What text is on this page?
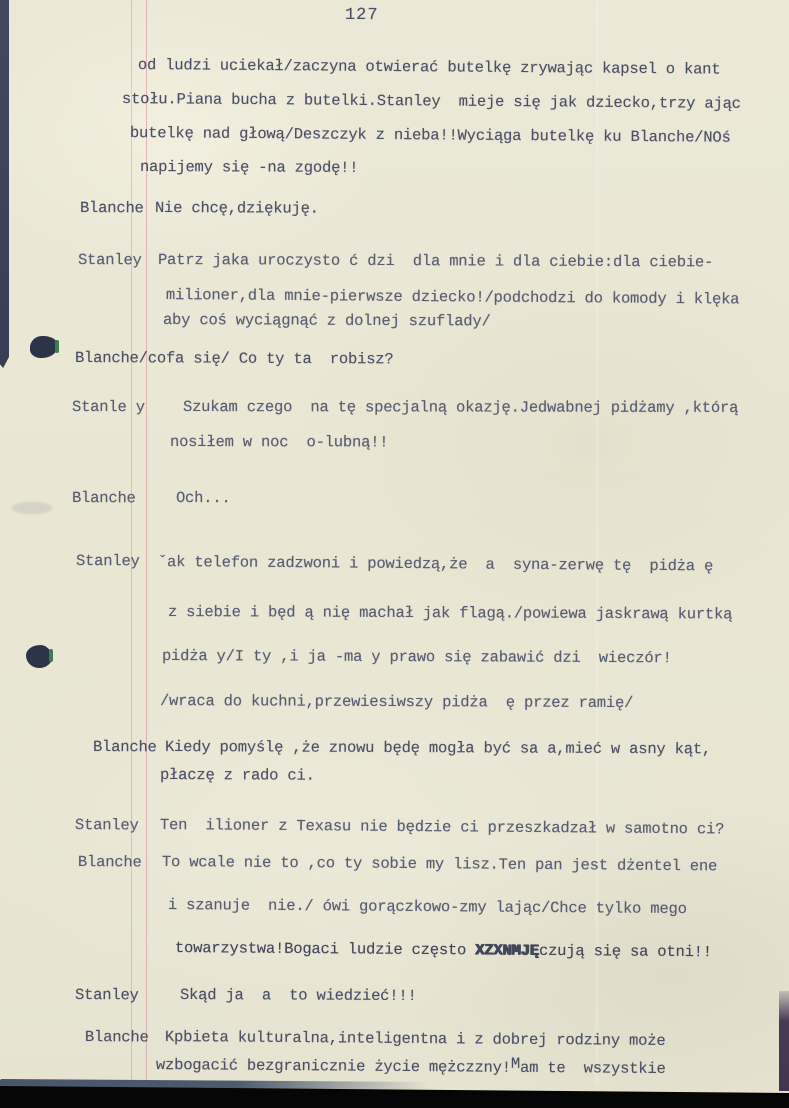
127
od ludzi uciekał/zaczyna otwierać butelkę zrywając kapsel o kant
stołu.Piana bucha z butelki.Stanley  mieje się jak dziecko,trzy ając
butelkę nad głową/Deszczyk z nieba!!Wyciąga butelkę ku Blanche/NOś
napijemy się -na zgodę!!
Blanche Nie chcę,dziękuję.
Stanley Patrz jaka uroczysto ć dzi  dla mnie i dla ciebie:dla ciebie-
milioner,dla mnie-pierwsze dziecko!/podchodzi do komody i klęka
aby coś wyciągnąć z dolnej szuflady/
Blanche/cofa się/ Co ty ta  robisz?
Stanle y Szukam czego  na tę specjalną okazję.Jedwabnej pidżamy ,którą
nosiłem w noc  o-lubną!!
Blanche	Och...
Stanley ˇak telefon zadzwoni i powiedzą,że  a  syna-zerwę tę  pidża ę
z siebie i będ ą nię machał jak flagą./powiewa jaskrawą kurtką
pidża y/I ty ,i ja -ma y prawo się zabawić dzi  wieczór!
/wraca do kuchni,przewiesiwszy pidża  ę przez ramię/
Blanche Kiedy pomyślę ,że znowu będę mogła być sa a,mieć w asny kąt,
płaczę z rado ci.
Stanley Ten  ilioner z Texasu nie będzie ci przeszkadzał w samotno ci?
Blanche To wcale nie to ,co ty sobie my lisz.Ten pan jest dżentel ene
i szanuje  nie./ ówi gorączkowo-zmy lając/Chce tylko mego
towarzystwa!Bogaci ludzie często XZXNMJĘczują się sa otni!!
Stanley	Skąd ja  a  to wiedzieć!!!
Blanche Kpbieta kulturalna,inteligentna i z dobrej rodziny może
wzbogacić bezgranicznie życie mężczzny!Mam te  wszystkie
